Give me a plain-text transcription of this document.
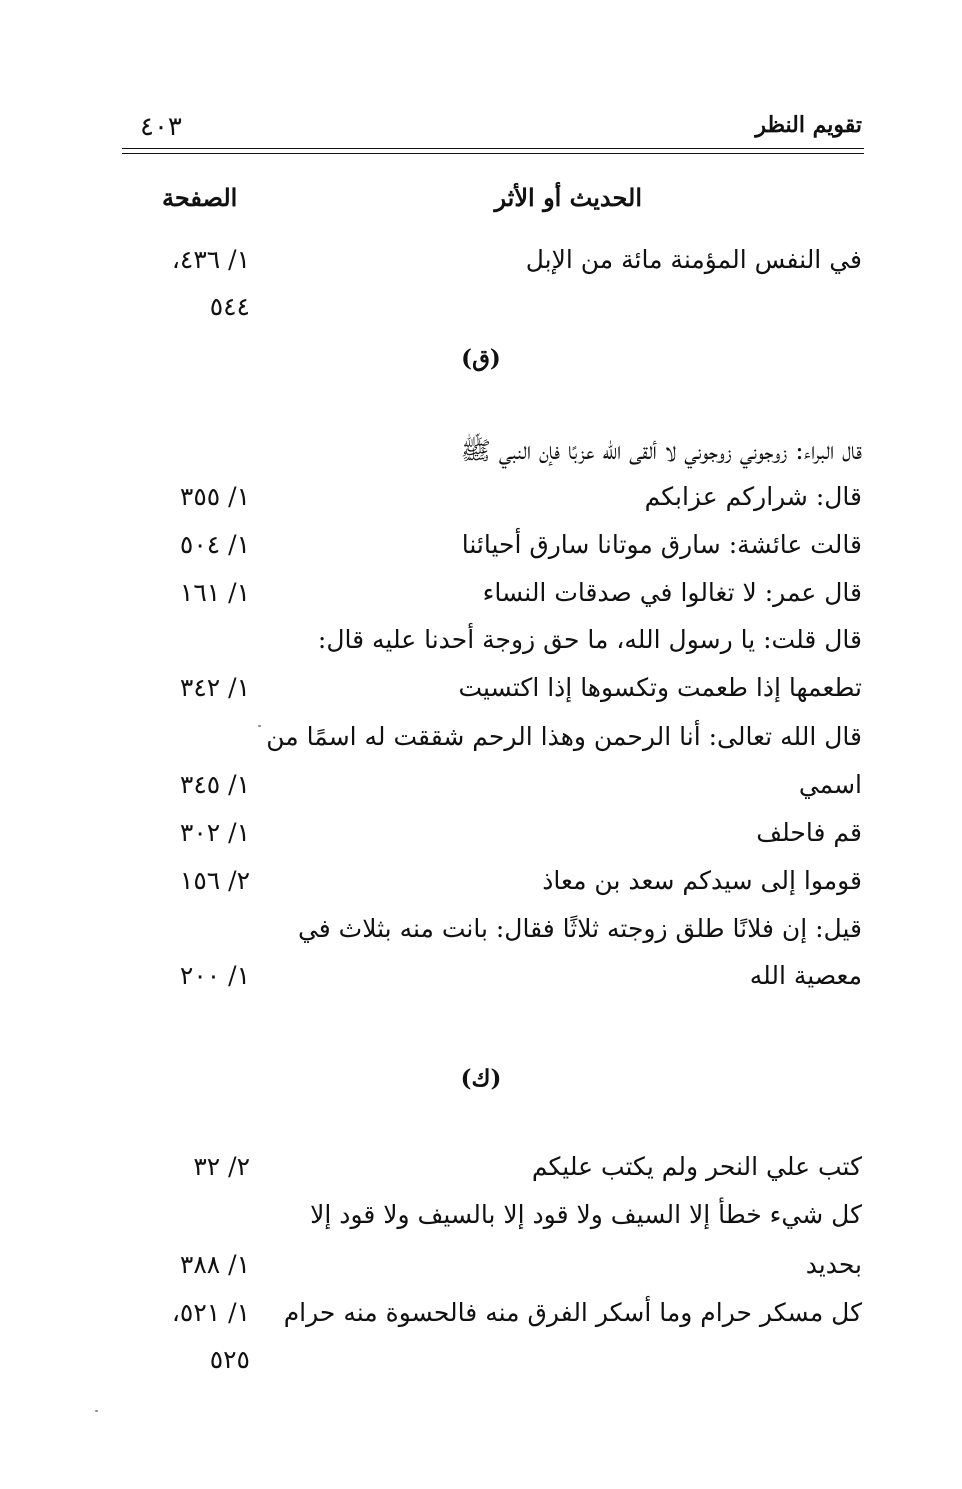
تقويم النظر
٤٠٣
الحديث أو الأثر
الصفحة
في النفس المؤمنة مائة من الإبل
١/ ٤٣٦،
٥٤٤
(ق)
قال البراء: زوجوني زوجوني لا ألقى الله عزبًا فإن النبي ﷺ
قال: شراركم عزابكم
١/ ٣٥٥
قالت عائشة: سارق موتانا سارق أحيائنا
١/ ٥٠٤
قال عمر: لا تغالوا في صدقات النساء
١/ ١٦١
قال قلت: يا رسول الله، ما حق زوجة أحدنا عليه قال:
تطعمها إذا طعمت وتكسوها إذا اكتسيت
١/ ٣٤٢
قال الله تعالى: أنا الرحمن وهذا الرحم شققت له اسمًا من
اسمي
١/ ٣٤٥
قم فاحلف
١/ ٣٠٢
قوموا إلى سيدكم سعد بن معاذ
٢/ ١٥٦
قيل: إن فلانًا طلق زوجته ثلاثًا فقال: بانت منه بثلاث في
معصية الله
١/ ٢٠٠
(ك)
كتب علي النحر ولم يكتب عليكم
٢/ ٣٢
كل شيء خطأ إلا السيف ولا قود إلا بالسيف ولا قود إلا
بحديد
١/ ٣٨٨
كل مسكر حرام وما أسكر الفرق منه فالحسوة منه حرام
١/ ٥٢١،
٥٢٥
